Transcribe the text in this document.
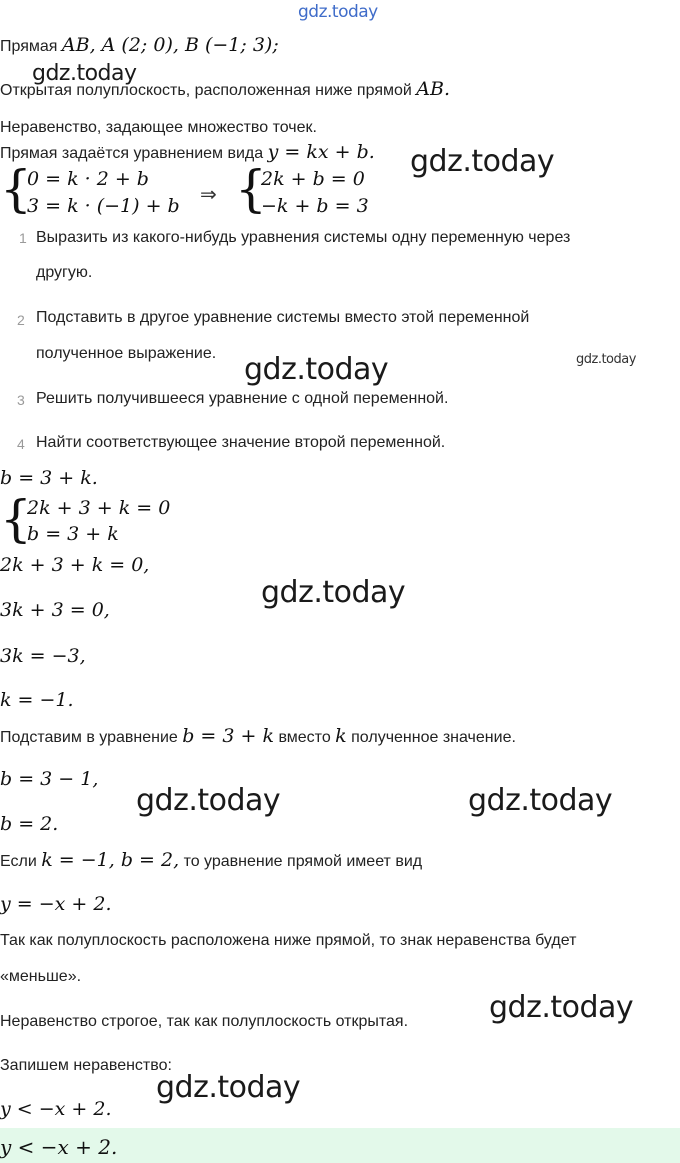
gdz.today
gdz.today
gdz.today
gdz.today
gdz.today
gdz.today
gdz.today	gdz.today
gdz.today
gdz.today
Прямая AB, A (2; 0), B (−1; 3);
Открытая полуплоскость, расположенная ниже прямой AB.
Неравенство, задающее множество точек.
Прямая задаётся уравнением вида y = kx + b.
{
0 = k · 2 + b
3 = k · (−1) + b ⇒ {
2k + b = 0
−k + b = 3
1 Выразить из какого-нибудь уравнения системы одну переменную через
другую.
2 Подставить в другое уравнение системы вместо этой переменной
полученное выражение.
3 Решить получившееся уравнение с одной переменной.
4 Найти соответствующее значение второй переменной.
b = 3 + k.
{
2k + 3 + k = 0
b = 3 + k
2k + 3 + k = 0,
3k + 3 = 0,
3k = −3,
k = −1.
Подставим в уравнение b = 3 + k вместо k полученное значение.
b = 3 − 1,
b = 2.
Если k = −1, b = 2, то уравнение прямой имеет вид
y = −x + 2.
Так как полуплоскость расположена ниже прямой, то знак неравенства будет
«меньше».
Неравенство строгое, так как полуплоскость открытая.
Запишем неравенство:
y < −x + 2.
y < −x + 2.
